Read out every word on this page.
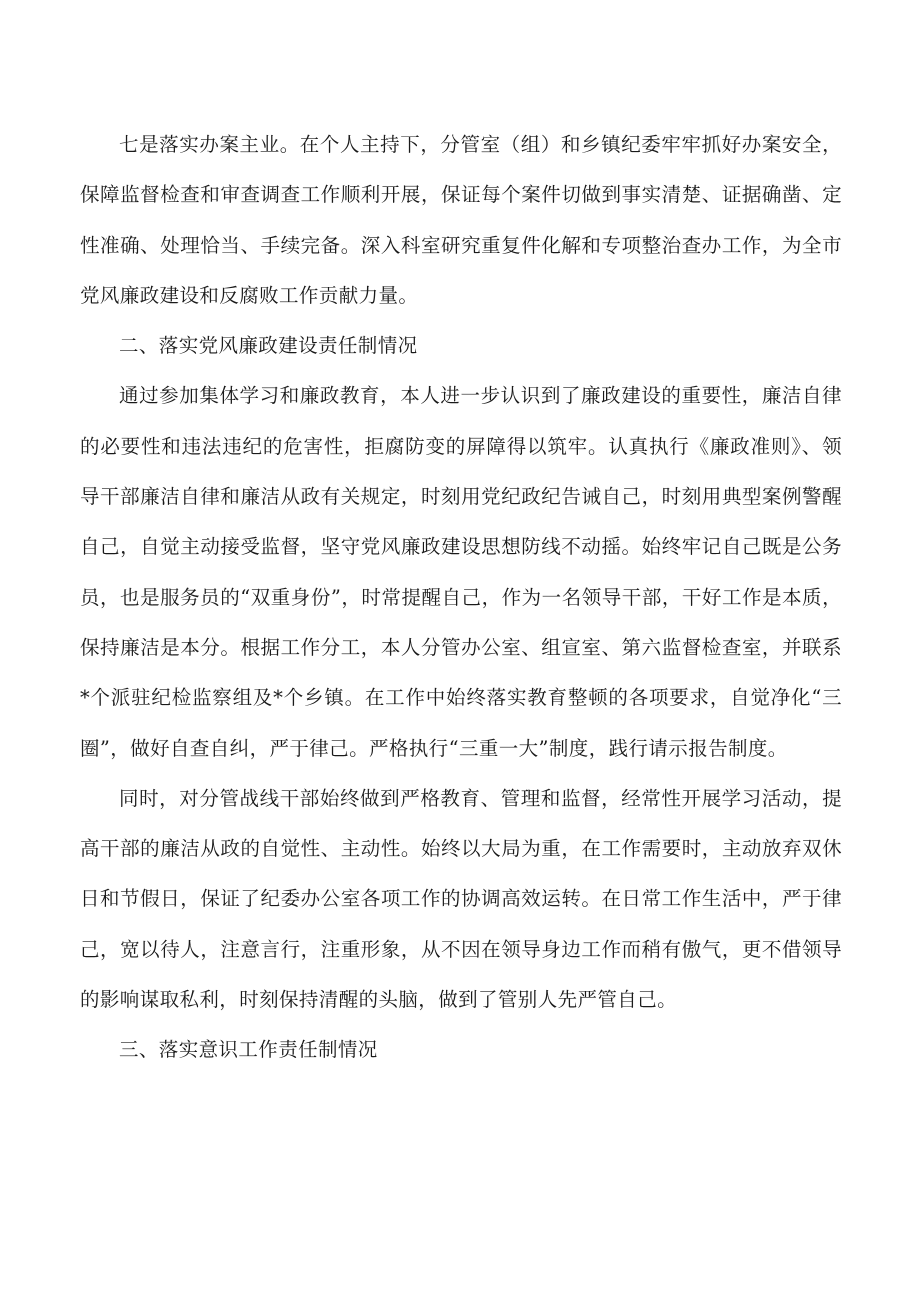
七是落实办案主业。在个人主持下，分管室（组）和乡镇纪委牢牢抓好办案安全，保障监督检查和审查调查工作顺利开展，保证每个案件切做到事实清楚、证据确凿、定性准确、处理恰当、手续完备。深入科室研究重复件化解和专项整治查办工作，为全市党风廉政建设和反腐败工作贡献力量。

二、落实党风廉政建设责任制情况

通过参加集体学习和廉政教育，本人进一步认识到了廉政建设的重要性，廉洁自律的必要性和违法违纪的危害性，拒腐防变的屏障得以筑牢。认真执行《廉政准则》、领导干部廉洁自律和廉洁从政有关规定，时刻用党纪政纪告诫自己，时刻用典型案例警醒自己，自觉主动接受监督，坚守党风廉政建设思想防线不动摇。始终牢记自己既是公务员，也是服务员的“双重身份”，时常提醒自己，作为一名领导干部，干好工作是本质，保持廉洁是本分。根据工作分工，本人分管办公室、组宣室、第六监督检查室，并联系*个派驻纪检监察组及*个乡镇。在工作中始终落实教育整顿的各项要求，自觉净化“三圈”，做好自查自纠，严于律己。严格执行“三重一大”制度，践行请示报告制度。

同时，对分管战线干部始终做到严格教育、管理和监督，经常性开展学习活动，提高干部的廉洁从政的自觉性、主动性。始终以大局为重，在工作需要时，主动放弃双休日和节假日，保证了纪委办公室各项工作的协调高效运转。在日常工作生活中，严于律己，宽以待人，注意言行，注重形象，从不因在领导身边工作而稍有傲气，更不借领导的影响谋取私利，时刻保持清醒的头脑，做到了管别人先严管自己。

三、落实意识工作责任制情况
